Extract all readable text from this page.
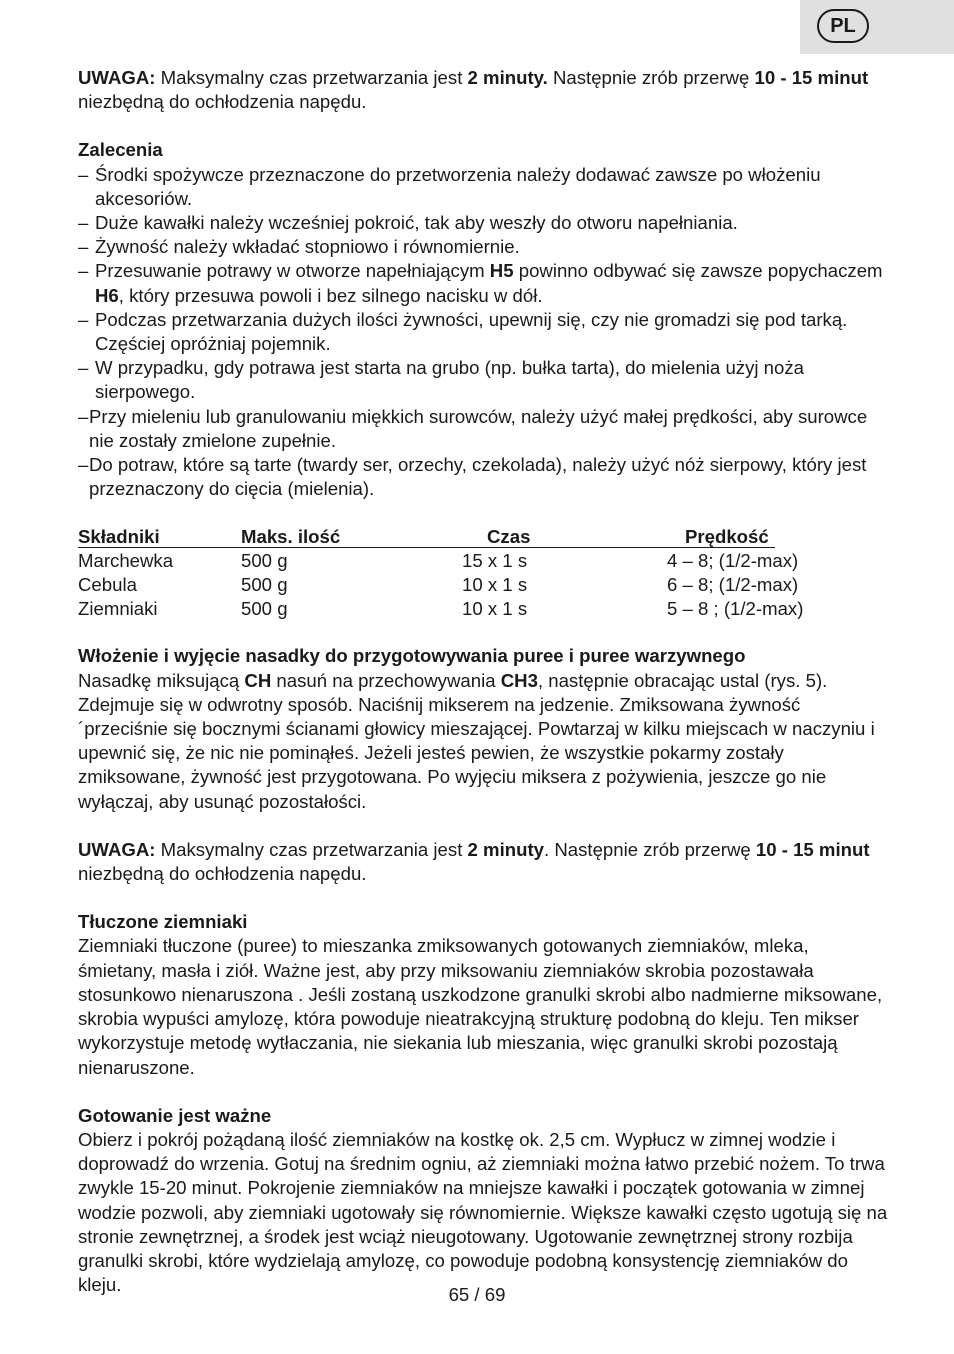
PL

UWAGA: Maksymalny czas przetwarzania jest 2 minuty. Następnie zrób przerwę 10 - 15 minut niezbędną do ochłodzenia napędu.

Zalecenia

– Środki spożywcze przeznaczone do przetworzenia należy dodawać zawsze po włożeniu akcesoriów.
– Duże kawałki należy wcześniej pokroić, tak aby weszły do otworu napełniania.
– Żywność należy wkładać stopniowo i równomiernie.
– Przesuwanie potrawy w otworze napełniającym H5 powinno odbywać się zawsze popychaczem H6, który przesuwa powoli i bez silnego nacisku w dół.
– Podczas przetwarzania dużych ilości żywności, upewnij się, czy nie gromadzi się pod tarką. Częściej opróżniaj pojemnik.
– W przypadku, gdy potrawa jest starta na grubo (np. bułka tarta), do mielenia użyj noża sierpowego.
– Przy mieleniu lub granulowaniu miękkich surowców, należy użyć małej prędkości, aby surowce nie zostały zmielone zupełnie.
– Do potraw, które są tarte (twardy ser, orzechy, czekolada), należy użyć nóż sierpowy, który jest przeznaczony do cięcia (mielenia).
Składniki	Maks. ilość	Czas	Prędkość
Marchewka	500 g	15 x 1 s	4 – 8; (1/2-max)
Cebula	500 g	10 x 1 s	6 – 8; (1/2-max)
Ziemniaki	500 g	10 x 1 s	5 – 8 ; (1/2-max)

Włożenie i wyjęcie nasadky do przygotowywania puree i puree warzywnego

Nasadkę miksującą CH nasuń na przechowywania CH3, następnie obracając ustal (rys. 5). Zdejmuje się w odwrotny sposób. Naciśnij mikserem na jedzenie. Zmiksowana żywność´przeciśnie się bocznymi ścianami głowicy mieszającej. Powtarzaj w kilku miejscach w naczyniu i upewnić się, że nic nie pominąłeś. Jeżeli jesteś pewien, że wszystkie pokarmy zostały zmiksowane, żywność jest przygotowana. Po wyjęciu miksera z pożywienia, jeszcze go nie wyłączaj, aby usunąć pozostałości.

UWAGA: Maksymalny czas przetwarzania jest 2 minuty. Następnie zrób przerwę 10 - 15 minut niezbędną do ochłodzenia napędu.

Tłuczone ziemniaki

Ziemniaki tłuczone (puree) to mieszanka zmiksowanych gotowanych ziemniaków, mleka, śmietany, masła i ziół. Ważne jest, aby przy miksowaniu ziemniaków skrobia pozostawała stosunkowo nienaruszona . Jeśli zostaną uszkodzone granulki skrobi albo nadmierne miksowane, skrobia wypuści amylozę, która powoduje nieatrakcyjną strukturę podobną do kleju. Ten mikser wykorzystuje metodę wytłaczania, nie siekania lub mieszania, więc granulki skrobi pozostają nienaruszone.

Gotowanie jest ważne

Obierz i pokrój pożądaną ilość ziemniaków na kostkę ok. 2,5 cm. Wypłucz w zimnej wodzie i doprowadź do wrzenia. Gotuj na średnim ogniu, aż ziemniaki można łatwo przebić nożem. To trwa zwykle 15-20 minut. Pokrojenie ziemniaków na mniejsze kawałki i początek gotowania w zimnej wodzie pozwoli, aby ziemniaki ugotowały się równomiernie. Większe kawałki często ugotują się na stronie zewnętrznej, a środek jest wciąż nieugotowany. Ugotowanie zewnętrznej strony rozbija granulki skrobi, które wydzielają amylozę, co powoduje podobną konsystencję ziemniaków do kleju.	65 / 69
